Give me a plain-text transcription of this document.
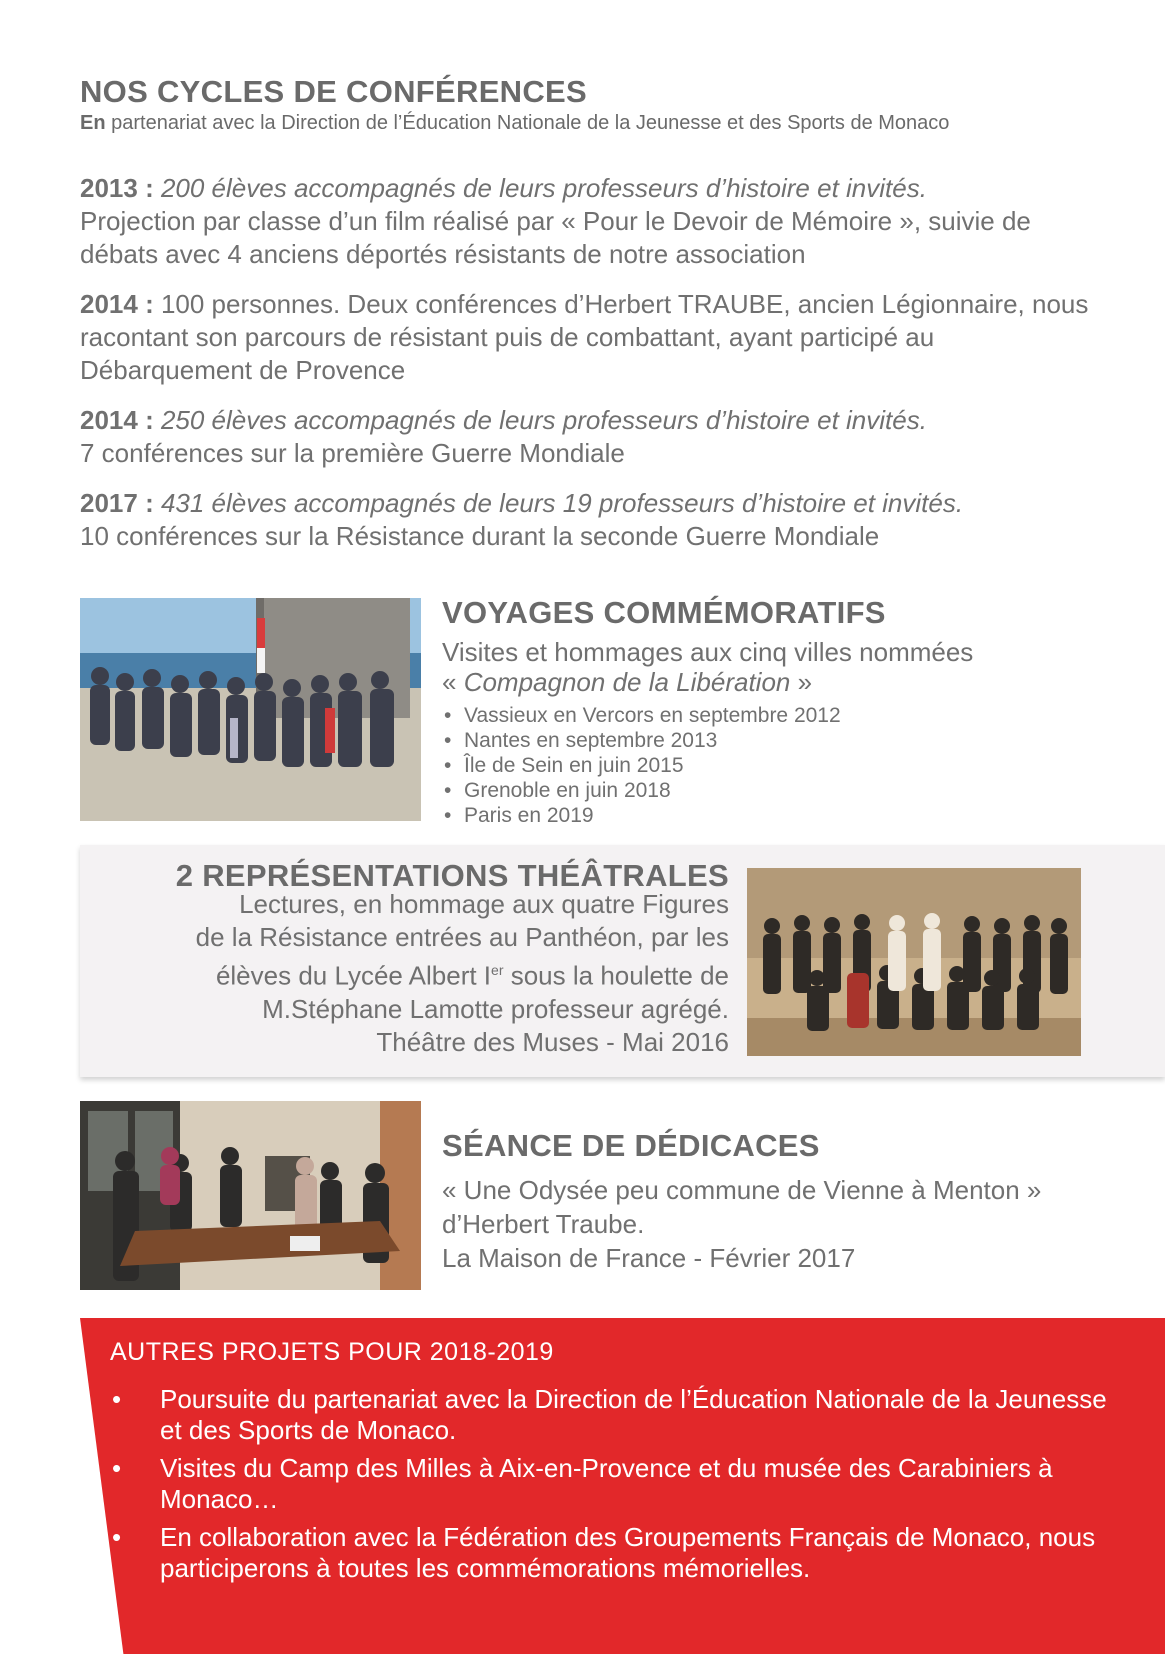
NOS CYCLES DE CONFÉRENCES
En partenariat avec la Direction de l’Éducation Nationale de la Jeunesse et des Sports de Monaco
2013 : 200 élèves accompagnés de leurs professeurs d’histoire et invités.
Projection par classe d’un film réalisé par « Pour le Devoir de Mémoire », suivie de débats avec 4 anciens déportés résistants de notre association
2014 : 100 personnes. Deux conférences d’Herbert TRAUBE, ancien Légionnaire, nous racontant son parcours de résistant puis de combattant, ayant participé au Débarquement de Provence
2014 : 250 élèves accompagnés de leurs professeurs d’histoire et invités.
7 conférences sur la première Guerre Mondiale
2017 : 431 élèves accompagnés de leurs 19 professeurs d’histoire et invités.
10 conférences sur la Résistance durant la seconde Guerre Mondiale
VOYAGES COMMÉMORATIFS
Visites et hommages aux cinq villes nommées
« Compagnon de la Libération »
• Vassieux en Vercors en septembre 2012
• Nantes en septembre 2013
• Île de Sein en juin 2015
• Grenoble en juin 2018
• Paris en 2019
2 REPRÉSENTATIONS THÉÂTRALES
Lectures, en hommage aux quatre Figures
de la Résistance entrées au Panthéon, par les
élèves du Lycée Albert Ier sous la houlette de
M.Stéphane Lamotte professeur agrégé.
Théâtre des Muses - Mai 2016
SÉANCE DE DÉDICACES
« Une Odysée peu commune de Vienne à Menton »
d’Herbert Traube.
La Maison de France - Février 2017
AUTRES PROJETS POUR 2018-2019
• Poursuite du partenariat avec la Direction de l’Éducation Nationale de la Jeunesse et des Sports de Monaco.
• Visites du Camp des Milles à Aix-en-Provence et du musée des Carabiniers à Monaco…
• En collaboration avec la Fédération des Groupements Français de Monaco, nous participerons à toutes les commémorations mémorielles.
